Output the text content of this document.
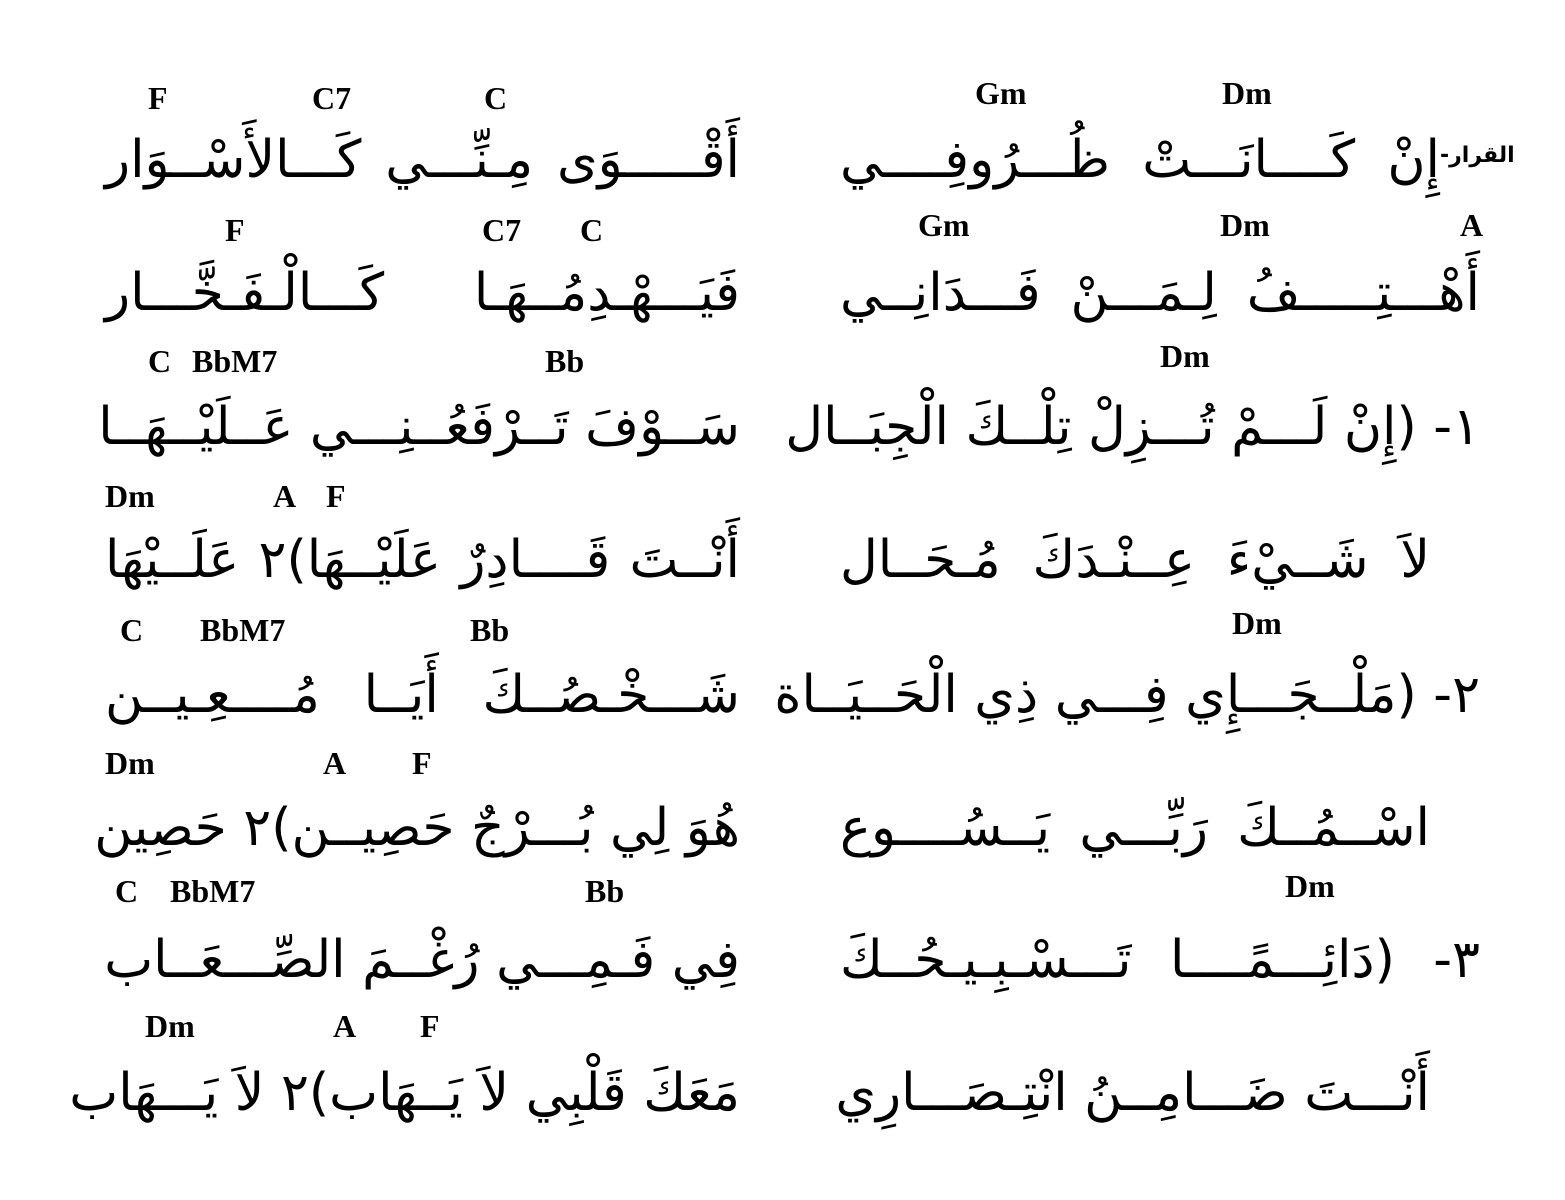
Gm	Dm
F	C7	C
القرار-
إِنْ كَــــانَـــتْ ظُـــرُوفِــــي
أَقْـــــوَى مِـنِّـــي كَـــالأَسْــوَار
Gm	Dm	A
F	C7 C
أَهْـــتِـــــفُ لِـمَـــنْ فَـــدَانِــي
فَيَـــهْـدِمُــهَـا كَـــالْـفَـخَّـــار
Dm
C BbM7	Bb
١- (إِنْ لَـــمْ تُـــزِلْ تِلْــكَ الْجِبَــال
سَــوْفَ تَــرْفَعُــنِـــي عَــلَيْــهَــا
Dm	A F
لاَ شَــيْءَ عِــنْـدَكَ مُـحَــال
أَنْــتَ قَــــادِرٌ عَلَيْــهَا)٢ عَلَــيْهَا
Dm
C BbM7	Bb
٢- (مَلْــجَـــإِي فِـــي ذِي الْحَــيَــاة
شَـــخْـصُــكَ أَيَــا مُــــعِـيــن
Dm	A F
اسْــمُــكَ رَبِّـــي يَــسُــــوع
هُوَ لِي بُـــرْجٌ حَصِيــن)٢ حَصِين
Dm
C BbM7	Bb
٣- (دَائِـــمًــــا تَـــسْـبِـيـحُــكَ
فِي فَـمِـــي رُغْــمَ الصِّـــعَــاب
Dm	A F
أَنْـــتَ ضَـــامِــنُ انْتِـصَـــارِي
مَعَكَ قَلْبِي لاَ يَــهَاب)٢ لاَ يَـــهَاب
